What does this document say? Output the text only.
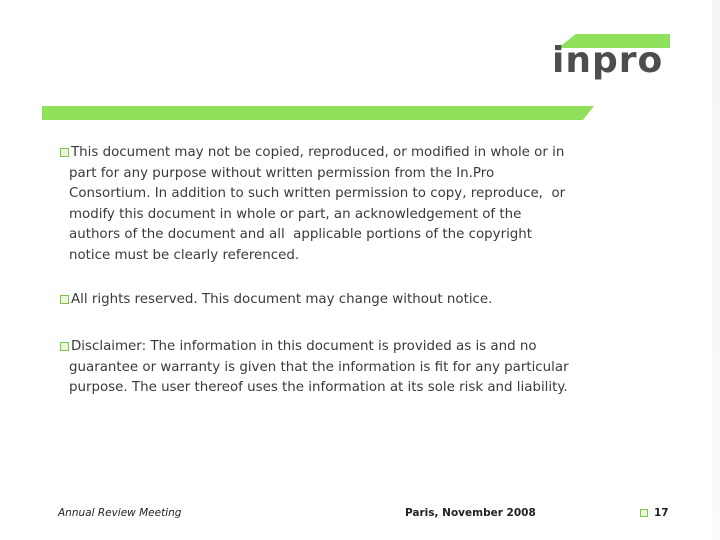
inpro
This document may not be copied, reproduced, or modified in whole or in
part for any purpose without written permission from the In.Pro
Consortium. In addition to such written permission to copy, reproduce,  or
modify this document in whole or part, an acknowledgement of the
authors of the document and all  applicable portions of the copyright
notice must be clearly referenced.
All rights reserved. This document may change without notice.
Disclaimer: The information in this document is provided as is and no
guarantee or warranty is given that the information is fit for any particular
purpose. The user thereof uses the information at its sole risk and liability.
Annual Review Meeting	Paris, November 2008	17
